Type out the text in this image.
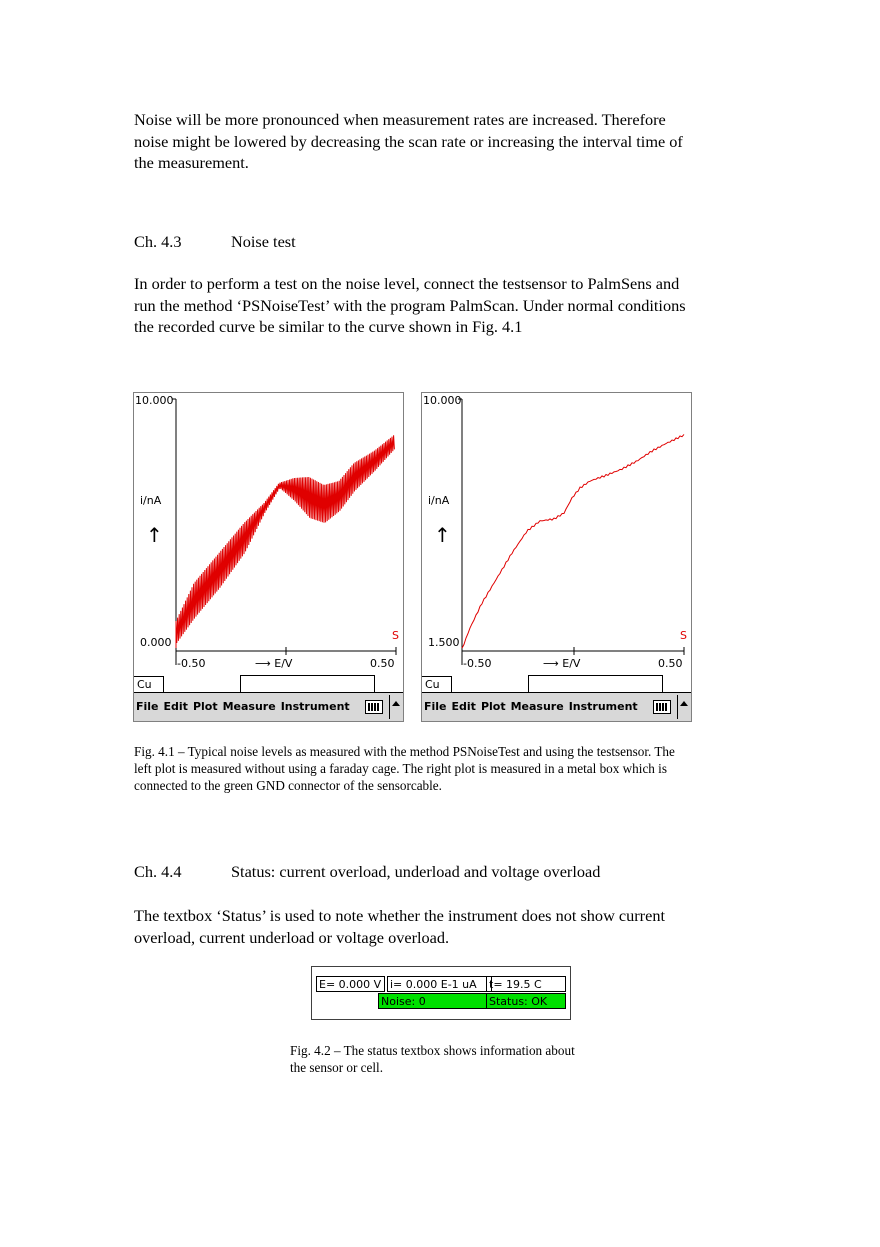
Noise will be more pronounced when measurement rates are increased. Therefore noise might be lowered by decreasing the scan rate or increasing the interval time of the measurement.

Ch. 4.3	Noise test

In order to perform a test on the noise level, connect the testsensor to PalmSens and run the method ‘PSNoiseTest’ with the program PalmScan. Under normal conditions the recorded curve be similar to the curve shown in Fig. 4.1

10.000
i/nA
↑
0.000
S
-0.50	⟶ E/V	0.50
Cu
File Edit Plot Measure Instrument
10.000
i/nA
↑
1.500
S
-0.50	⟶ E/V	0.50
Cu
File Edit Plot Measure Instrument

Fig. 4.1 – Typical noise levels as measured with the method PSNoiseTest and using the testsensor. The left plot is measured without using a faraday cage. The right plot is measured in a metal box which is connected to the green GND connector of the sensorcable.

Ch. 4.4	Status: current overload, underload and voltage overload

The textbox ‘Status’ is used to note whether the instrument does not show current overload, current underload or voltage overload.

E= 0.000 V i= 0.000 E-1 uA	t= 19.5 C
Noise: 0	Status: OK

Fig. 4.2 – The status textbox shows information about the sensor or cell.
